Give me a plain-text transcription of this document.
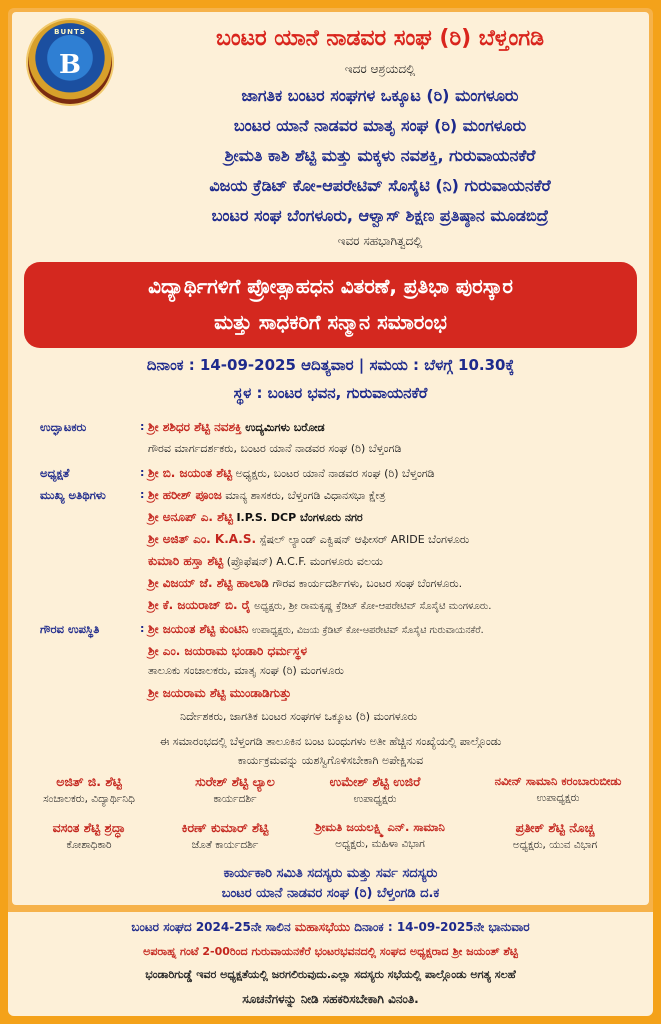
BUNTS
B
ಬಂಟರ ಯಾನೆ ನಾಡವರ ಸಂಘ (ರಿ) ಬೆಳ್ತಂಗಡಿ
ಇದರ ಆಶ್ರಯದಲ್ಲಿ
ಜಾಗತಿಕ ಬಂಟರ ಸಂಘಗಳ ಒಕ್ಕೂಟ (ರಿ) ಮಂಗಳೂರು
ಬಂಟರ ಯಾನೆ ನಾಡವರ ಮಾತೃ ಸಂಘ (ರಿ) ಮಂಗಳೂರು
ಶ್ರೀಮತಿ ಕಾಶಿ ಶೆಟ್ಟಿ ಮತ್ತು ಮಕ್ಕಳು ನವಶಕ್ತಿ, ಗುರುವಾಯನಕೆರೆ
ವಿಜಯ ಕ್ರೆಡಿಟ್ ಕೋ-ಆಪರೇಟಿವ್ ಸೊಸೈಟಿ (ನಿ) ಗುರುವಾಯನಕೆರೆ
ಬಂಟರ ಸಂಘ ಬೆಂಗಳೂರು, ಆಳ್ವಾಸ್ ಶಿಕ್ಷಣ ಪ್ರತಿಷ್ಠಾನ ಮೂಡಬಿದ್ರೆ
ಇವರ ಸಹಭಾಗಿತ್ವದಲ್ಲಿ
ವಿದ್ಯಾರ್ಥಿಗಳಿಗೆ ಪ್ರೋತ್ಸಾಹಧನ ವಿತರಣೆ, ಪ್ರತಿಭಾ ಪುರಸ್ಕಾರ
ಮತ್ತು ಸಾಧಕರಿಗೆ ಸನ್ಮಾನ ಸಮಾರಂಭ
ದಿನಾಂಕ : 14-09-2025 ಆದಿತ್ಯವಾರ | ಸಮಯ : ಬೆಳಗ್ಗೆ 10.30ಕ್ಕೆ
ಸ್ಥಳ : ಬಂಟರ ಭವನ, ಗುರುವಾಯನಕೆರೆ
ಉದ್ಘಾಟಕರು	: ಶ್ರೀ ಶಶಿಧರ ಶೆಟ್ಟಿ ನವಶಕ್ತಿ ಉದ್ಯಮಿಗಳು ಬರೋಡ
ಗೌರವ ಮಾರ್ಗದರ್ಶಕರು, ಬಂಟರ ಯಾನೆ ನಾಡವರ ಸಂಘ (ರಿ) ಬೆಳ್ತಂಗಡಿ
ಅಧ್ಯಕ್ಷತೆ	: ಶ್ರೀ ಬಿ. ಜಯಂತ ಶೆಟ್ಟಿ ಅಧ್ಯಕ್ಷರು, ಬಂಟರ ಯಾನೆ ನಾಡವರ ಸಂಘ (ರಿ) ಬೆಳ್ತಂಗಡಿ
ಮುಖ್ಯ ಅತಿಥಿಗಳು	: ಶ್ರೀ ಹರೀಶ್ ಪೂಂಜ ಮಾನ್ಯ ಶಾಸಕರು, ಬೆಳ್ತಂಗಡಿ ವಿಧಾನಸಭಾ ಕ್ಷೇತ್ರ
ಶ್ರೀ ಅನೂಪ್ ಎ. ಶೆಟ್ಟಿ I.P.S. DCP ಬೆಂಗಳೂರು ನಗರ
ಶ್ರೀ ಅಜಿತ್ ಎಂ. K.A.S. ಸ್ಪೆಷಲ್ ಲ್ಯಾಂಡ್ ಎಕ್ವಿಷನ್ ಆಫೀಸರ್ ARIDE ಬೆಂಗಳೂರು
ಕುಮಾರಿ ಹಸ್ತಾ ಶೆಟ್ಟಿ (ಪ್ರೊಫೆಷನ್) A.C.F. ಮಂಗಳೂರು ವಲಯ
ಶ್ರೀ ವಿಜಯ್ ಜೆ. ಶೆಟ್ಟಿ ಹಾಲಾಡಿ ಗೌರವ ಕಾರ್ಯದರ್ಶಿಗಳು, ಬಂಟರ ಸಂಘ ಬೆಂಗಳೂರು.
ಶ್ರೀ ಕೆ. ಜಯರಾಜ್ ಬಿ. ರೈ ಅಧ್ಯಕ್ಷರು, ಶ್ರೀ ರಾಮಕೃಷ್ಣ ಕ್ರೆಡಿಟ್ ಕೋ-ಆಪರೇಟಿವ್ ಸೊಸೈಟಿ ಮಂಗಳೂರು.
ಗೌರವ ಉಪಸ್ಥಿತಿ	: ಶ್ರೀ ಜಯಂತ ಶೆಟ್ಟಿ ಕುಂಟಿನಿ ಉಪಾಧ್ಯಕ್ಷರು, ವಿಜಯ ಕ್ರೆಡಿಟ್ ಕೋ-ಆಪರೇಟಿವ್ ಸೊಸೈಟಿ ಗುರುವಾಯನಕೆರೆ.
ಶ್ರೀ ಎಂ. ಜಯರಾಮ ಭಂಡಾರಿ ಧರ್ಮಸ್ಥಳ
ತಾಲೂಕು ಸಂಚಾಲಕರು, ಮಾತೃ ಸಂಘ (ರಿ) ಮಂಗಳೂರು
ಶ್ರೀ ಜಯರಾಮ ಶೆಟ್ಟಿ ಮುಂಡಾಡಿಗುತ್ತು
ನಿರ್ದೇಶಕರು, ಜಾಗತಿಕ ಬಂಟರ ಸಂಘಗಳ ಒಕ್ಕೂಟ (ರಿ) ಮಂಗಳೂರು
ಈ ಸಮಾರಂಭದಲ್ಲಿ ಬೆಳ್ತಂಗಡಿ ತಾಲೂಕಿನ ಬಂಟ ಬಂಧುಗಳು ಅತೀ ಹೆಚ್ಚಿನ ಸಂಖ್ಯೆಯಲ್ಲಿ ಪಾಲ್ಗೊಂಡು
ಕಾರ್ಯಕ್ರಮವನ್ನು ಯಶಸ್ವಿಗೊಳಿಸಬೇಕಾಗಿ ಅಪೇಕ್ಷಿಸುವ
ಅಜಿತ್ ಜಿ. ಶೆಟ್ಟಿ
ಸಂಚಾಲಕರು, ವಿದ್ಯಾರ್ಥಿನಿಧಿ
ಸುರೇಶ್ ಶೆಟ್ಟಿ ಲ್ಯಾಲ
ಕಾರ್ಯದರ್ಶಿ
ಉಮೇಶ್ ಶೆಟ್ಟಿ ಉಜಿರೆ
ಉಪಾಧ್ಯಕ್ಷರು
ನವೀನ್ ಸಾಮಾನಿ ಕರಂಬಾರುಬೀಡು
ಉಪಾಧ್ಯಕ್ಷರು
ವಸಂತ ಶೆಟ್ಟಿ ಶ್ರದ್ಧಾ
ಕೋಶಾಧಿಕಾರಿ
ಕಿರಣ್ ಕುಮಾರ್ ಶೆಟ್ಟಿ
ಜೊತೆ ಕಾರ್ಯದರ್ಶಿ
ಶ್ರೀಮತಿ ಜಯಲಕ್ಷ್ಮಿ ಎನ್. ಸಾಮಾನಿ
ಅಧ್ಯಕ್ಷರು, ಮಹಿಳಾ ವಿಭಾಗ
ಪ್ರತೀಕ್ ಶೆಟ್ಟಿ ನೊಚ್ಚ
ಅಧ್ಯಕ್ಷರು, ಯುವ ವಿಭಾಗ
ಕಾರ್ಯಕಾರಿ ಸಮಿತಿ ಸದಸ್ಯರು ಮತ್ತು ಸರ್ವ ಸದಸ್ಯರು
ಬಂಟರ ಯಾನೆ ನಾಡವರ ಸಂಘ (ರಿ) ಬೆಳ್ತಂಗಡಿ ದ.ಕ
ಬಂಟರ ಸಂಘದ 2024-25ನೇ ಸಾಲಿನ ಮಹಾಸಭೆಯು ದಿನಾಂಕ : 14-09-2025ನೇ ಭಾನುವಾರ
ಅಪರಾಹ್ನ ಗಂಟೆ 2-00ರಿಂದ ಗುರುವಾಯನಕೆರೆ ಭಂಟರಭವನದಲ್ಲಿ ಸಂಘದ ಅಧ್ಯಕ್ಷರಾದ ಶ್ರೀ ಜಯಂತ್ ಶೆಟ್ಟಿ
ಭಂಡಾರಿಗುಡ್ಡೆ ಇವರ ಅಧ್ಯಕ್ಷತೆಯಲ್ಲಿ ಜರಗಲಿರುವುದು.ಎಲ್ಲಾ ಸದಸ್ಯರು ಸಭೆಯಲ್ಲಿ ಪಾಲ್ಗೊಂಡು ಅಗತ್ಯ ಸಲಹೆ
ಸೂಚನೆಗಳನ್ನು ನೀಡಿ ಸಹಕರಿಸಬೇಕಾಗಿ ವಿನಂತಿ.
